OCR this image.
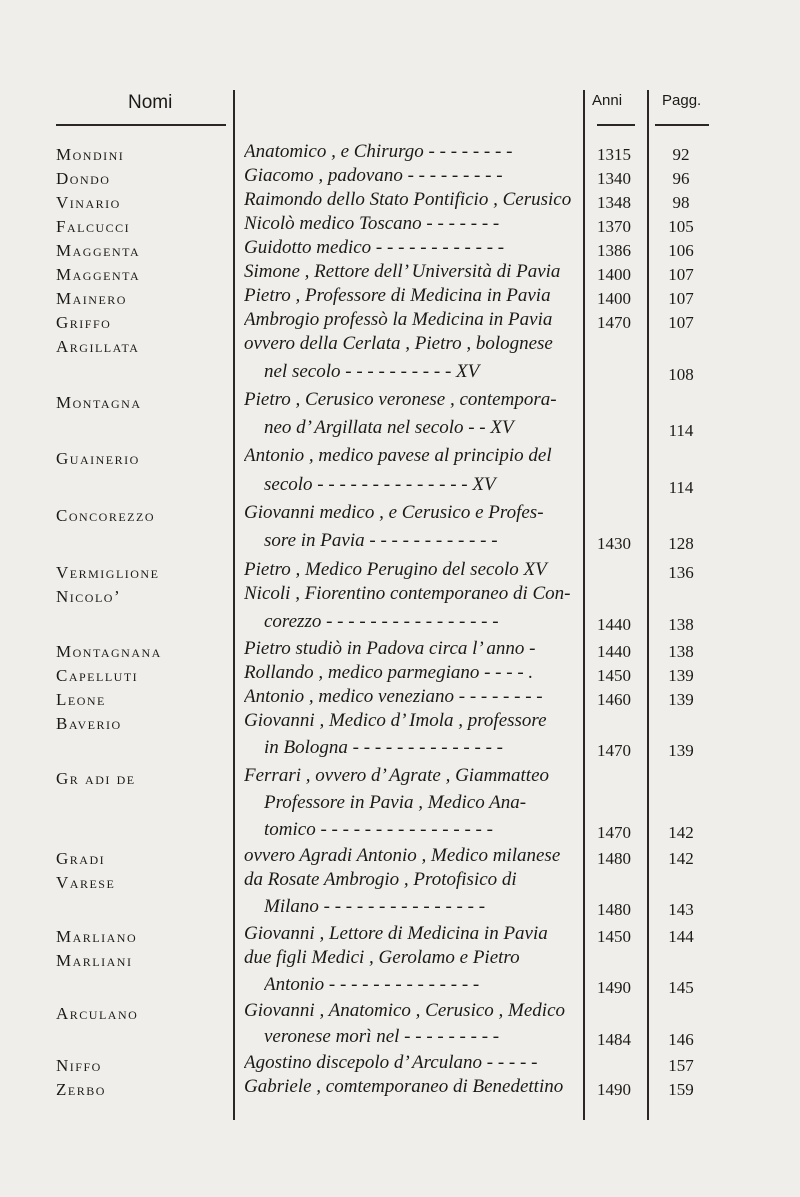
Nomi	Anni	Pagg.
Mondini
Dondo
Vinario
Falcucci
Maggenta
Maggenta
Mainero
Griffo
Argillata
Montagna
Guainerio
Concorezzo
Vermiglione
Nicolo’
Montagnana
Capelluti
Leone
Baverio
Gr adi de
Gradi
Varese
Marliano
Marliani
Arculano
Niffo
Zerbo
Anatomico , e Chirurgo - - - - - - - -
Giacomo , padovano - - - - - - - - -
Raimondo dello Stato Pontificio , Cerusico
Nicolò medico Toscano - - - - - - -
Guidotto medico - - - - - - - - - - - -
Simone , Rettore dell’ Università di Pavia
Pietro , Professore di Medicina in Pavia
Ambrogio professò la Medicina in Pavia
ovvero della Cerlata , Pietro , bolognese
nel secolo - - - - - - - - - - XV
Pietro , Cerusico veronese , contempora-
neo d’ Argillata nel secolo - - XV
Antonio , medico pavese al principio del
secolo - - - - - - - - - - - - - - XV
Giovanni medico , e Cerusico e Profes-
sore in Pavia - - - - - - - - - - - -
Pietro , Medico Perugino del secolo XV
Nicoli , Fiorentino contemporaneo di Con-
corezzo - - - - - - - - - - - - - - - -
Pietro studiò in Padova circa l’ anno -
Rollando , medico parmegiano - - - - .
Antonio , medico veneziano - - - - - - - -
Giovanni , Medico d’ Imola , professore
in Bologna - - - - - - - - - - - - - -
Ferrari , ovvero d’ Agrate , Giammatteo
Professore in Pavia , Medico Ana-
tomico - - - - - - - - - - - - - - - -
ovvero Agradi Antonio , Medico milanese
da Rosate Ambrogio , Protofisico di
Milano - - - - - - - - - - - - - - -
Giovanni , Lettore di Medicina in Pavia
due figli Medici , Gerolamo e Pietro
Antonio - - - - - - - - - - - - - -
Giovanni , Anatomico , Cerusico , Medico
veronese morì nel - - - - - - - - -
Agostino discepolo d’ Arculano - - - - -
Gabriele , comtemporaneo di Benedettino
1315
1340
1348
1370
1386
1400
1400
1470
1430
1440
1440
1450
1460
1470
1470
1480
1480
1450
1490
1484
1490
92
96
98
105
106
107
107
107
108
114
114
128
136
138
138
139
139
139
142
142
143
144
145
146
157
159
